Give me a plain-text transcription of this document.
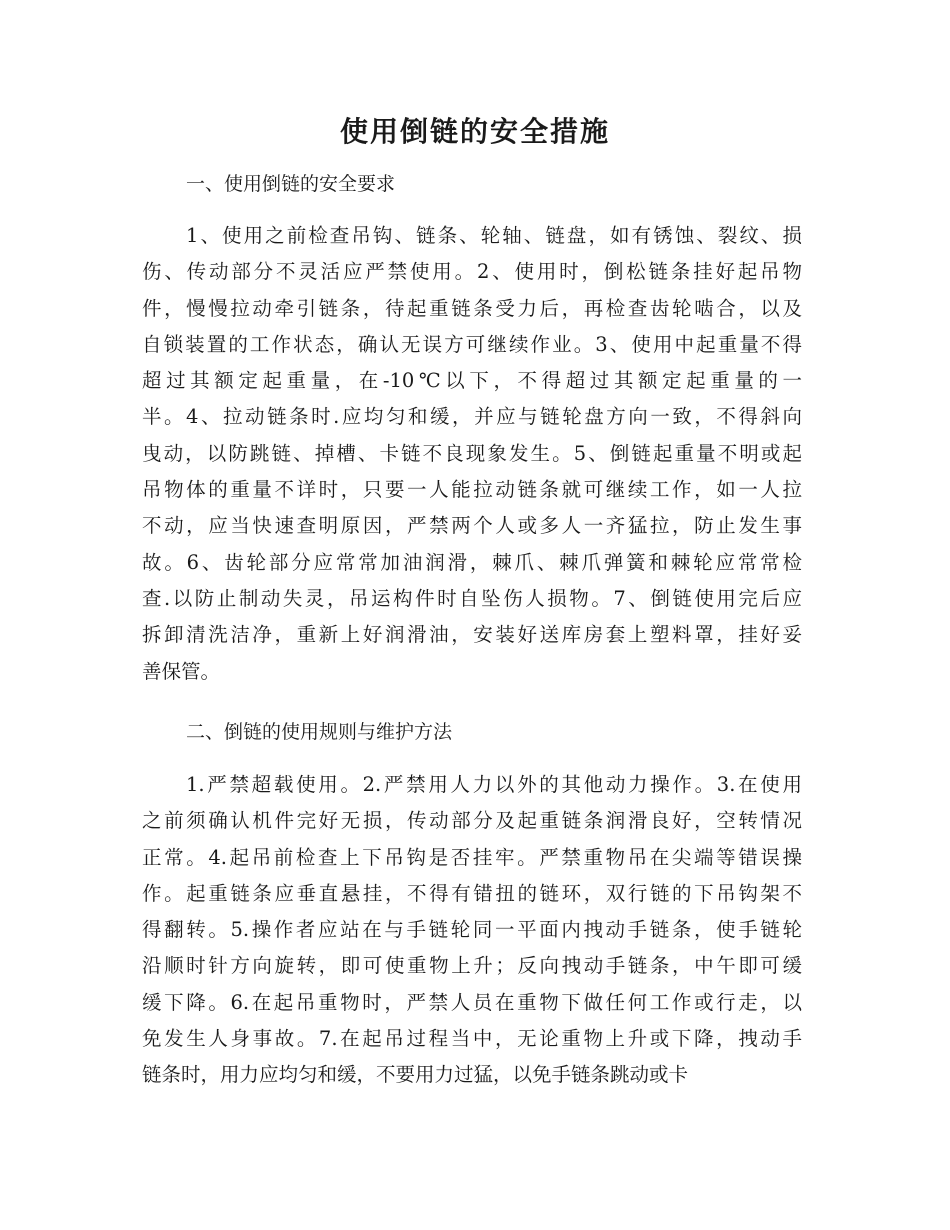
使用倒链的安全措施

一、使用倒链的安全要求

1、使用之前检查吊钩、链条、轮轴、链盘，如有锈蚀、裂纹、损
伤、传动部分不灵活应严禁使用。2、使用时，倒松链条挂好起吊物
件，慢慢拉动牵引链条，待起重链条受力后，再检查齿轮啮合，以及
自锁装置的工作状态，确认无误方可继续作业。3、使用中起重量不得
超过其额定起重量，在-10℃以下，不得超过其额定起重量的一
半。4、拉动链条时.应均匀和缓，并应与链轮盘方向一致，不得斜向
曳动，以防跳链、掉槽、卡链不良现象发生。5、倒链起重量不明或起
吊物体的重量不详时，只要一人能拉动链条就可继续工作，如一人拉
不动，应当快速查明原因，严禁两个人或多人一齐猛拉，防止发生事
故。6、齿轮部分应常常加油润滑，棘爪、棘爪弹簧和棘轮应常常检
查.以防止制动失灵，吊运构件时自坠伤人损物。7、倒链使用完后应
拆卸清洗洁净，重新上好润滑油，安装好送库房套上塑料罩，挂好妥
善保管。

二、倒链的使用规则与维护方法

1.严禁超载使用。2.严禁用人力以外的其他动力操作。3.在使用
之前须确认机件完好无损，传动部分及起重链条润滑良好，空转情况
正常。4.起吊前检查上下吊钩是否挂牢。严禁重物吊在尖端等错误操
作。起重链条应垂直悬挂，不得有错扭的链环，双行链的下吊钩架不
得翻转。5.操作者应站在与手链轮同一平面内拽动手链条，使手链轮
沿顺时针方向旋转，即可使重物上升；反向拽动手链条，中午即可缓
缓下降。6.在起吊重物时，严禁人员在重物下做任何工作或行走，以
免发生人身事故。7.在起吊过程当中，无论重物上升或下降，拽动手
链条时，用力应均匀和缓，不要用力过猛，以免手链条跳动或卡
